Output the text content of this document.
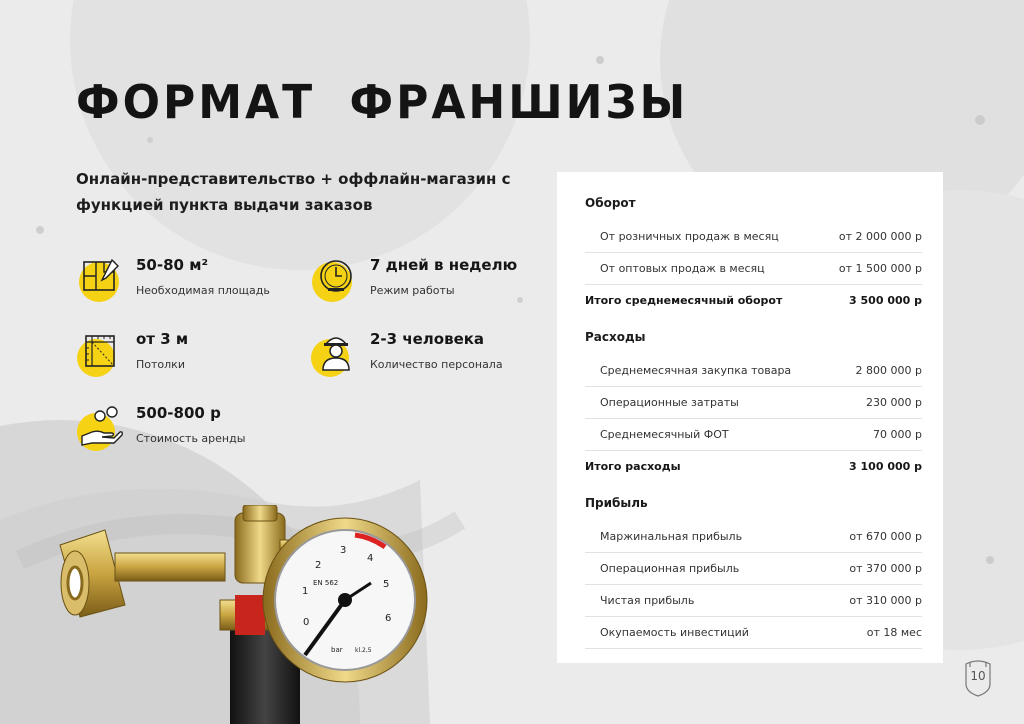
ФОРМАТ ФРАНШИЗЫ
Онлайн-представительство + оффлайн-магазин с функцией пункта выдачи заказов
50-80 м²
Необходимая площадь
7 дней в неделю
Режим работы
от 3 м
Потолки
2-3 человека
Количество персонала
500-800 р
Стоимость аренды
0
1
2
3
4
5
6
EN 562
bar kl.2,5
Оборот
От розничных продаж в месяц	от 2 000 000 р
От оптовых продаж в месяц	от 1 500 000 р
Итого среднемесячный оборот	3 500 000 р
Расходы
Среднемесячная закупка товара	2 800 000 р
Операционные затраты	230 000 р
Среднемесячный ФОТ	70 000 р
Итого расходы	3 100 000 р
Прибыль
Маржинальная прибыль	от 670 000 р
Операционная прибыль	от 370 000 р
Чистая прибыль	от 310 000 р
Окупаемость инвестиций	от 18 мес
10
